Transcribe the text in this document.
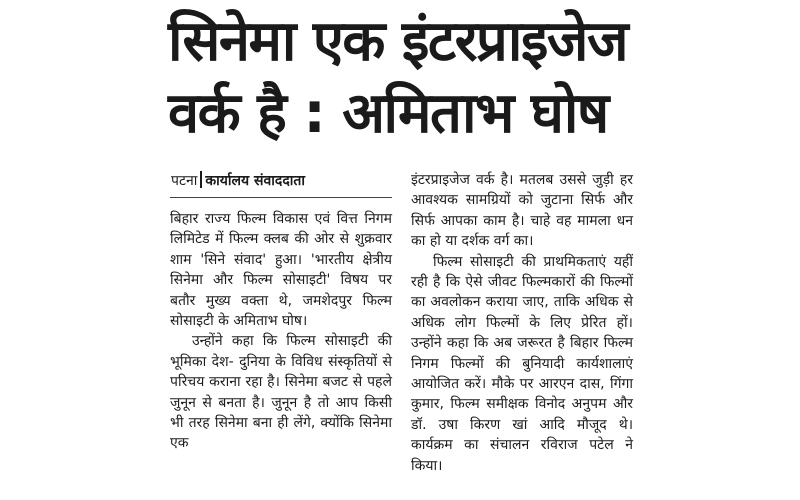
सिनेमा एक इंटरप्राइजेज
वर्क है : अमिताभ घोष
पटना कार्यालय संवाददाता

बिहार राज्य फिल्म विकास एवं वित्त निगम लिमिटेड में फिल्म क्लब की ओर से शुक्रवार शाम 'सिने संवाद' हुआ। 'भारतीय क्षेत्रीय सिनेमा और फिल्म सोसाइटी' विषय पर बतौर मुख्य वक्ता थे, जमशेदपुर फिल्म सोसाइटी के अमिताभ घोष।

उन्होंने कहा कि फिल्म सोसाइटी की भूमिका देश- दुनिया के विविध संस्कृतियों से परिचय कराना रहा है। सिनेमा बजट से पहले जुनून से बनता है। जुनून है तो आप किसी भी तरह सिनेमा बना ही लेंगे, क्योंकि सिनेमा एक

इंटरप्राइजेज वर्क है। मतलब उससे जुड़ी हर आवश्यक सामग्रियों को जुटाना सिर्फ और सिर्फ आपका काम है। चाहे वह मामला धन का हो या दर्शक वर्ग का।

फिल्म सोसाइटी की प्राथमिकताएं यहीं रही है कि ऐसे जीवट फिल्मकारों की फिल्मों का अवलोकन कराया जाए, ताकि अधिक से अधिक लोग फिल्मों के लिए प्रेरित हों। उन्होंने कहा कि अब जरूरत है बिहार फिल्म निगम फिल्मों की बुनियादी कार्यशालाएं आयोजित करें। मौके पर आरएन दास, गिंगा कुमार, फिल्म समीक्षक विनोद अनुपम और डॉ. उषा किरण खां आदि मौजूद थे। कार्यक्रम का संचालन रविराज पटेल ने किया।
